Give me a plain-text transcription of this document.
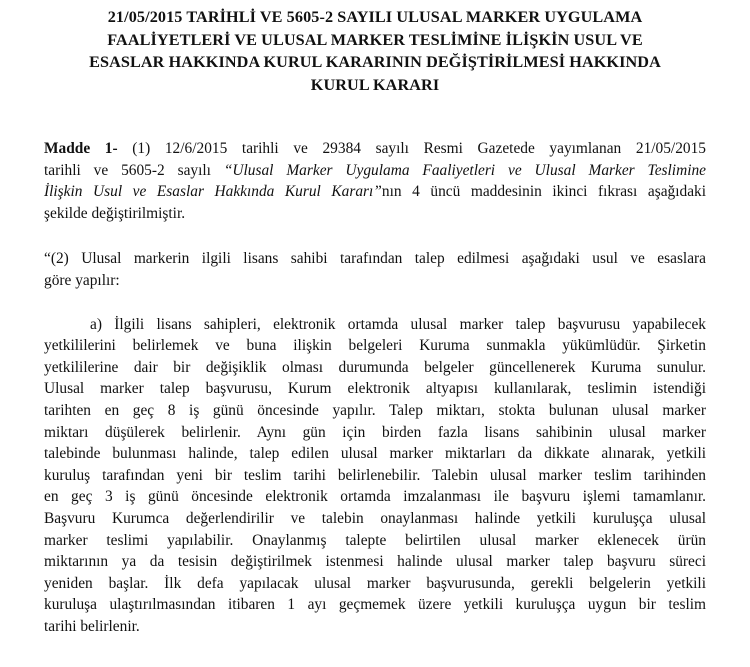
21/05/2015 TARİHLİ VE 5605-2 SAYILI ULUSAL MARKER UYGULAMA
FAALİYETLERİ VE ULUSAL MARKER TESLİMİNE İLİŞKİN USUL VE
ESASLAR HAKKINDA KURUL KARARININ DEĞİŞTİRİLMESİ HAKKINDA
KURUL KARARI

Madde 1- (1) 12/6/2015 tarihli ve 29384 sayılı Resmi Gazetede yayımlanan 21/05/2015
tarihli ve 5605-2 sayılı “Ulusal Marker Uygulama Faaliyetleri ve Ulusal Marker Teslimine
İlişkin Usul ve Esaslar Hakkında Kurul Kararı”nın 4 üncü maddesinin ikinci fıkrası aşağıdaki
şekilde değiştirilmiştir.

“(2) Ulusal markerin ilgili lisans sahibi tarafından talep edilmesi aşağıdaki usul ve esaslara
göre yapılır:

a) İlgili lisans sahipleri, elektronik ortamda ulusal marker talep başvurusu yapabilecek
yetkililerini belirlemek ve buna ilişkin belgeleri Kuruma sunmakla yükümlüdür. Şirketin
yetkililerine dair bir değişiklik olması durumunda belgeler güncellenerek Kuruma sunulur.
Ulusal marker talep başvurusu, Kurum elektronik altyapısı kullanılarak, teslimin istendiği
tarihten en geç 8 iş günü öncesinde yapılır. Talep miktarı, stokta bulunan ulusal marker
miktarı düşülerek belirlenir. Aynı gün için birden fazla lisans sahibinin ulusal marker
talebinde bulunması halinde, talep edilen ulusal marker miktarları da dikkate alınarak, yetkili
kuruluş tarafından yeni bir teslim tarihi belirlenebilir. Talebin ulusal marker teslim tarihinden
en geç 3 iş günü öncesinde elektronik ortamda imzalanması ile başvuru işlemi tamamlanır.
Başvuru Kurumca değerlendirilir ve talebin onaylanması halinde yetkili kuruluşça ulusal
marker teslimi yapılabilir. Onaylanmış talepte belirtilen ulusal marker eklenecek ürün
miktarının ya da tesisin değiştirilmek istenmesi halinde ulusal marker talep başvuru süreci
yeniden başlar. İlk defa yapılacak ulusal marker başvurusunda, gerekli belgelerin yetkili
kuruluşa ulaştırılmasından itibaren 1 ayı geçmemek üzere yetkili kuruluşça uygun bir teslim
tarihi belirlenir.
